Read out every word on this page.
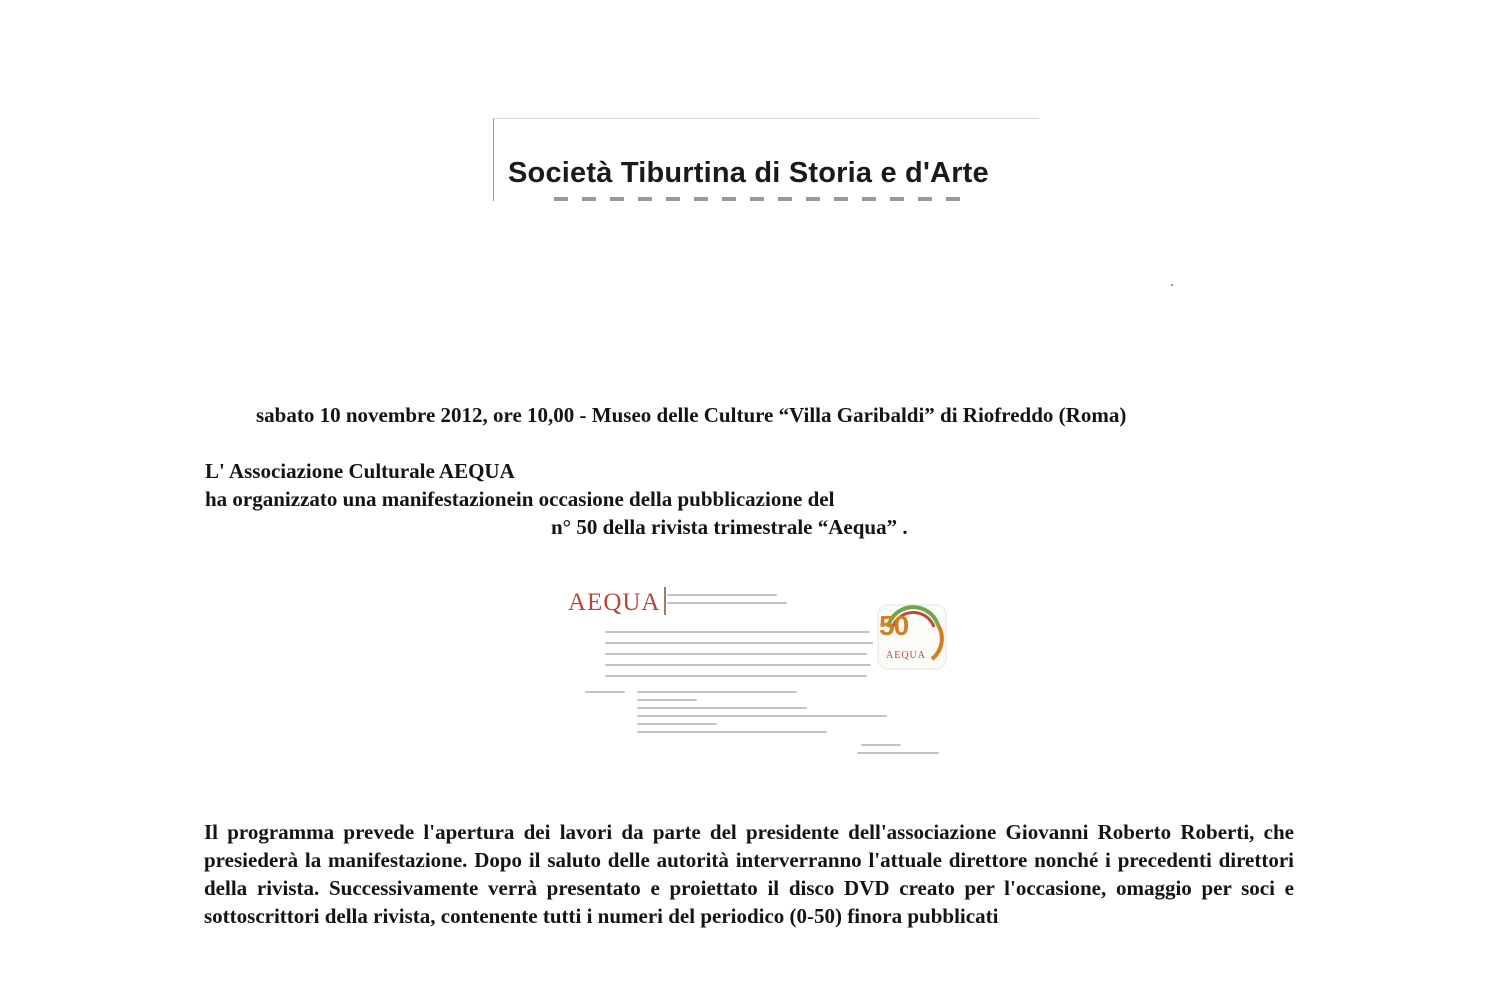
Società Tiburtina di Storia e d'Arte

sabato 10 novembre 2012, ore 10,00 - Museo delle Culture “Villa Garibaldi” di Riofreddo (Roma)

L' Associazione Culturale AEQUA
ha organizzato una manifestazionein occasione della pubblicazione del
n° 50 della rivista trimestrale “Aequa” .

AEQUA
50
AEQUA

Il programma prevede l'apertura dei lavori da parte del presidente dell'associazione Giovanni Roberto Roberti, che presiederà la manifestazione. Dopo il saluto delle autorità interverranno l'attuale direttore nonché i precedenti direttori della rivista. Successivamente verrà presentato e proiettato il disco DVD creato per l'occasione, omaggio per soci e sottoscrittori della rivista, contenente tutti i numeri del periodico (0-50) finora pubblicati
